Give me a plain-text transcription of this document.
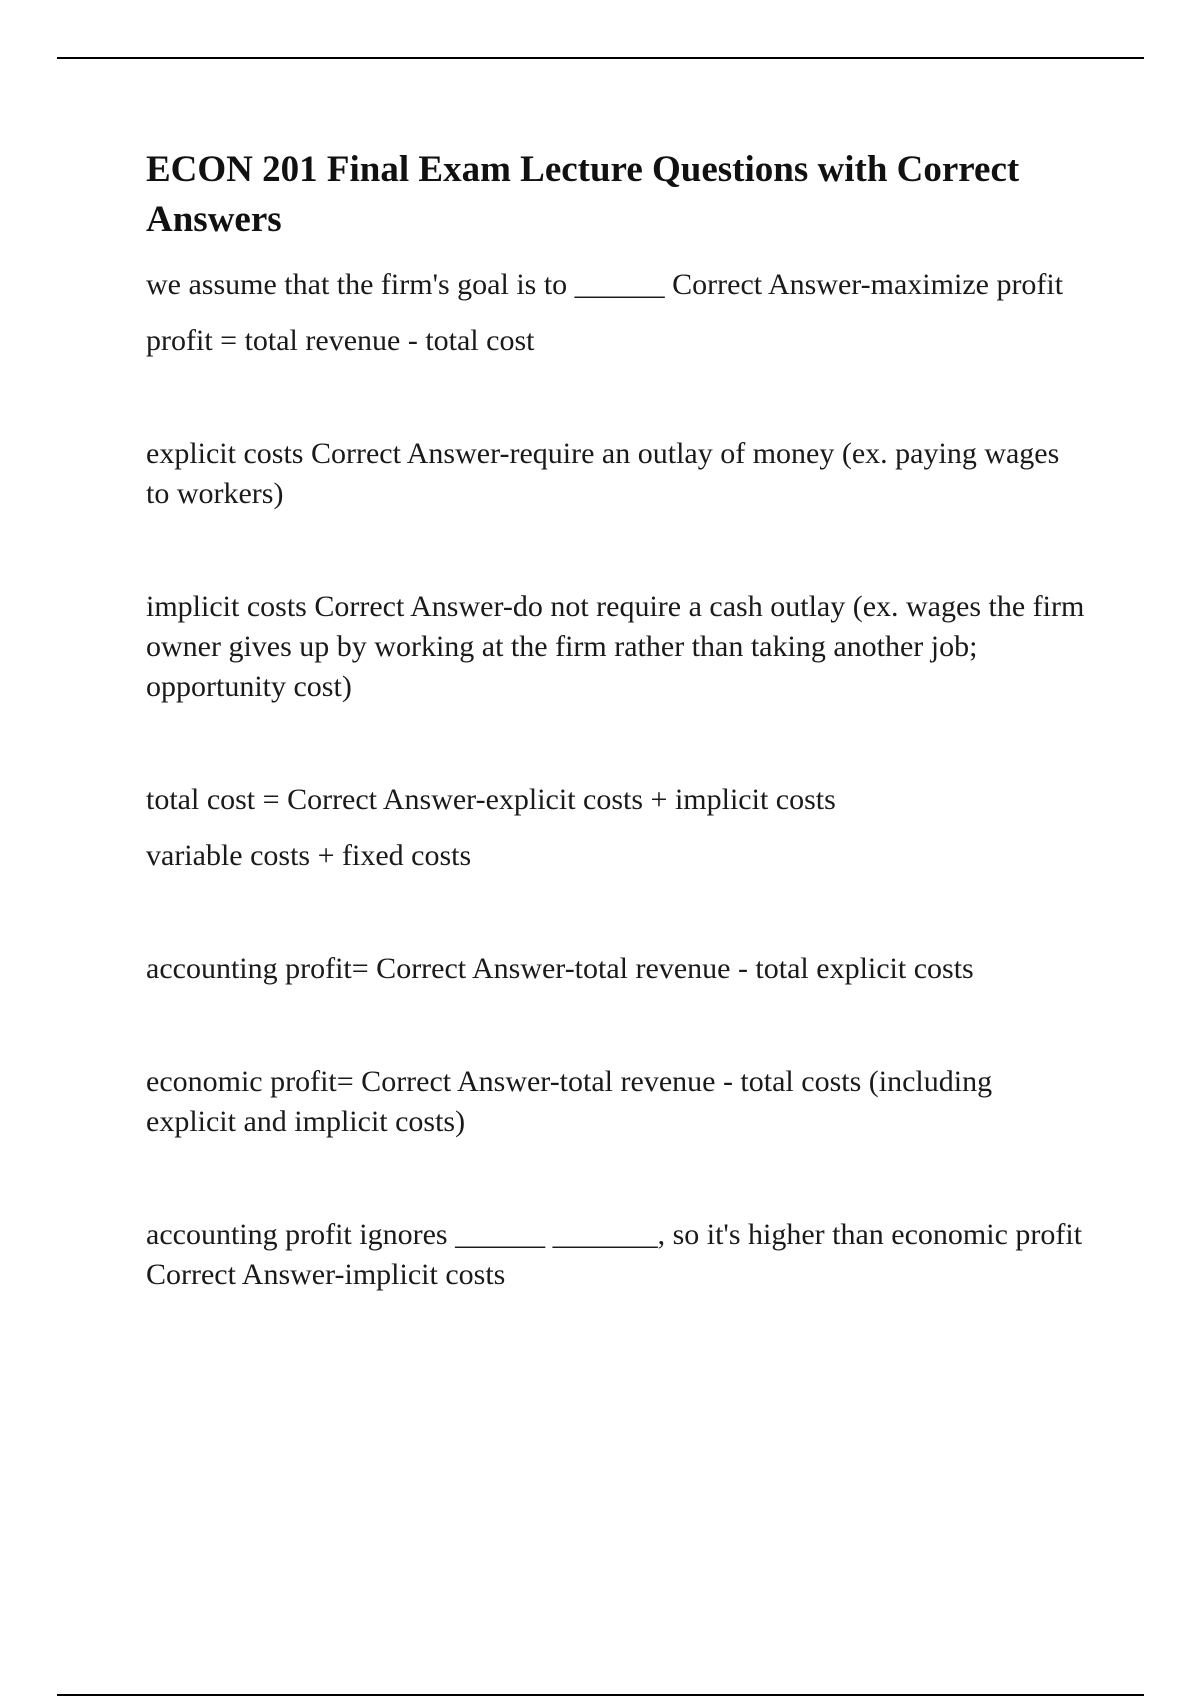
ECON 201 Final Exam Lecture Questions with Correct Answers

we assume that the firm's goal is to ______ Correct Answer-maximize profit

profit = total revenue - total cost

explicit costs Correct Answer-require an outlay of money (ex. paying wages to workers)

implicit costs Correct Answer-do not require a cash outlay (ex. wages the firm owner gives up by working at the firm rather than taking another job; opportunity cost)

total cost = Correct Answer-explicit costs + implicit costs

variable costs + fixed costs

accounting profit= Correct Answer-total revenue - total explicit costs

economic profit= Correct Answer-total revenue - total costs (including explicit and implicit costs)

accounting profit ignores ______ _______, so it's higher than economic profit Correct Answer-implicit costs
